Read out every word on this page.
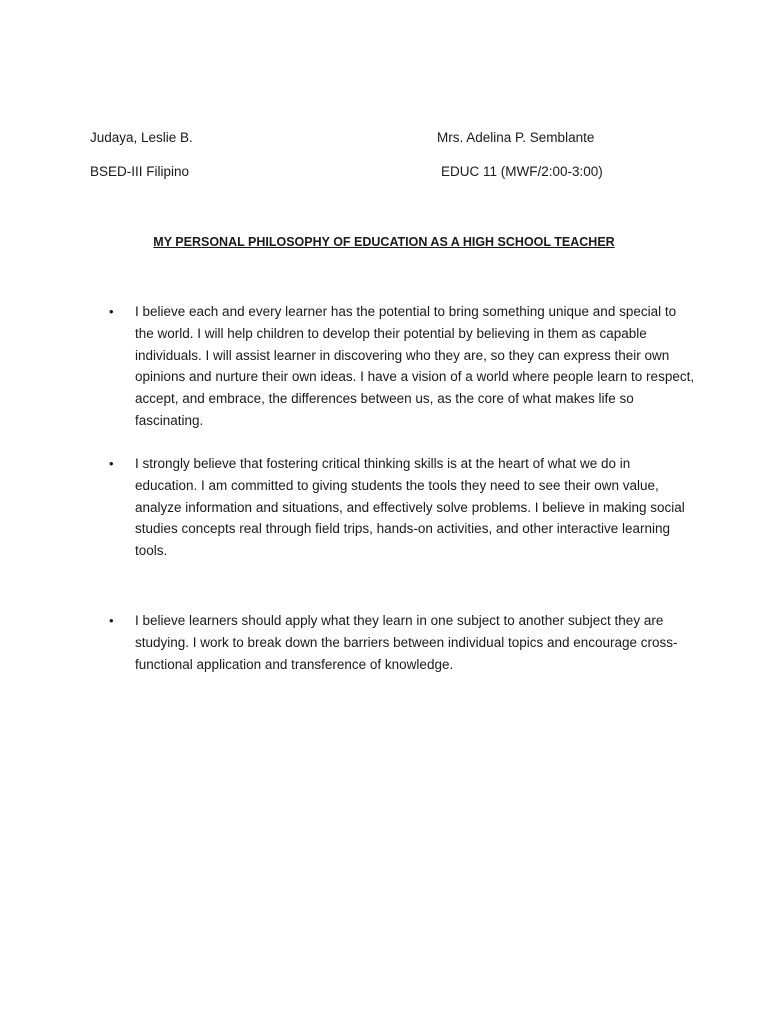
Judaya, Leslie B.	Mrs. Adelina P. Semblante
BSED-III Filipino	EDUC 11 (MWF/2:00-3:00)
MY PERSONAL PHILOSOPHY OF EDUCATION AS A HIGH SCHOOL TEACHER
• I believe each and every learner has the potential to bring something unique and special to the world. I will help children to develop their potential by believing in them as capable individuals. I will assist learner in discovering who they are, so they can express their own opinions and nurture their own ideas. I have a vision of a world where people learn to respect, accept, and embrace, the differences between us, as the core of what makes life so fascinating.
• I strongly believe that fostering critical thinking skills is at the heart of what we do in education. I am committed to giving students the tools they need to see their own value, analyze information and situations, and effectively solve problems. I believe in making social studies concepts real through field trips, hands-on activities, and other interactive learning tools.
• I believe learners should apply what they learn in one subject to another subject they are studying. I work to break down the barriers between individual topics and encourage cross-functional application and transference of knowledge.
